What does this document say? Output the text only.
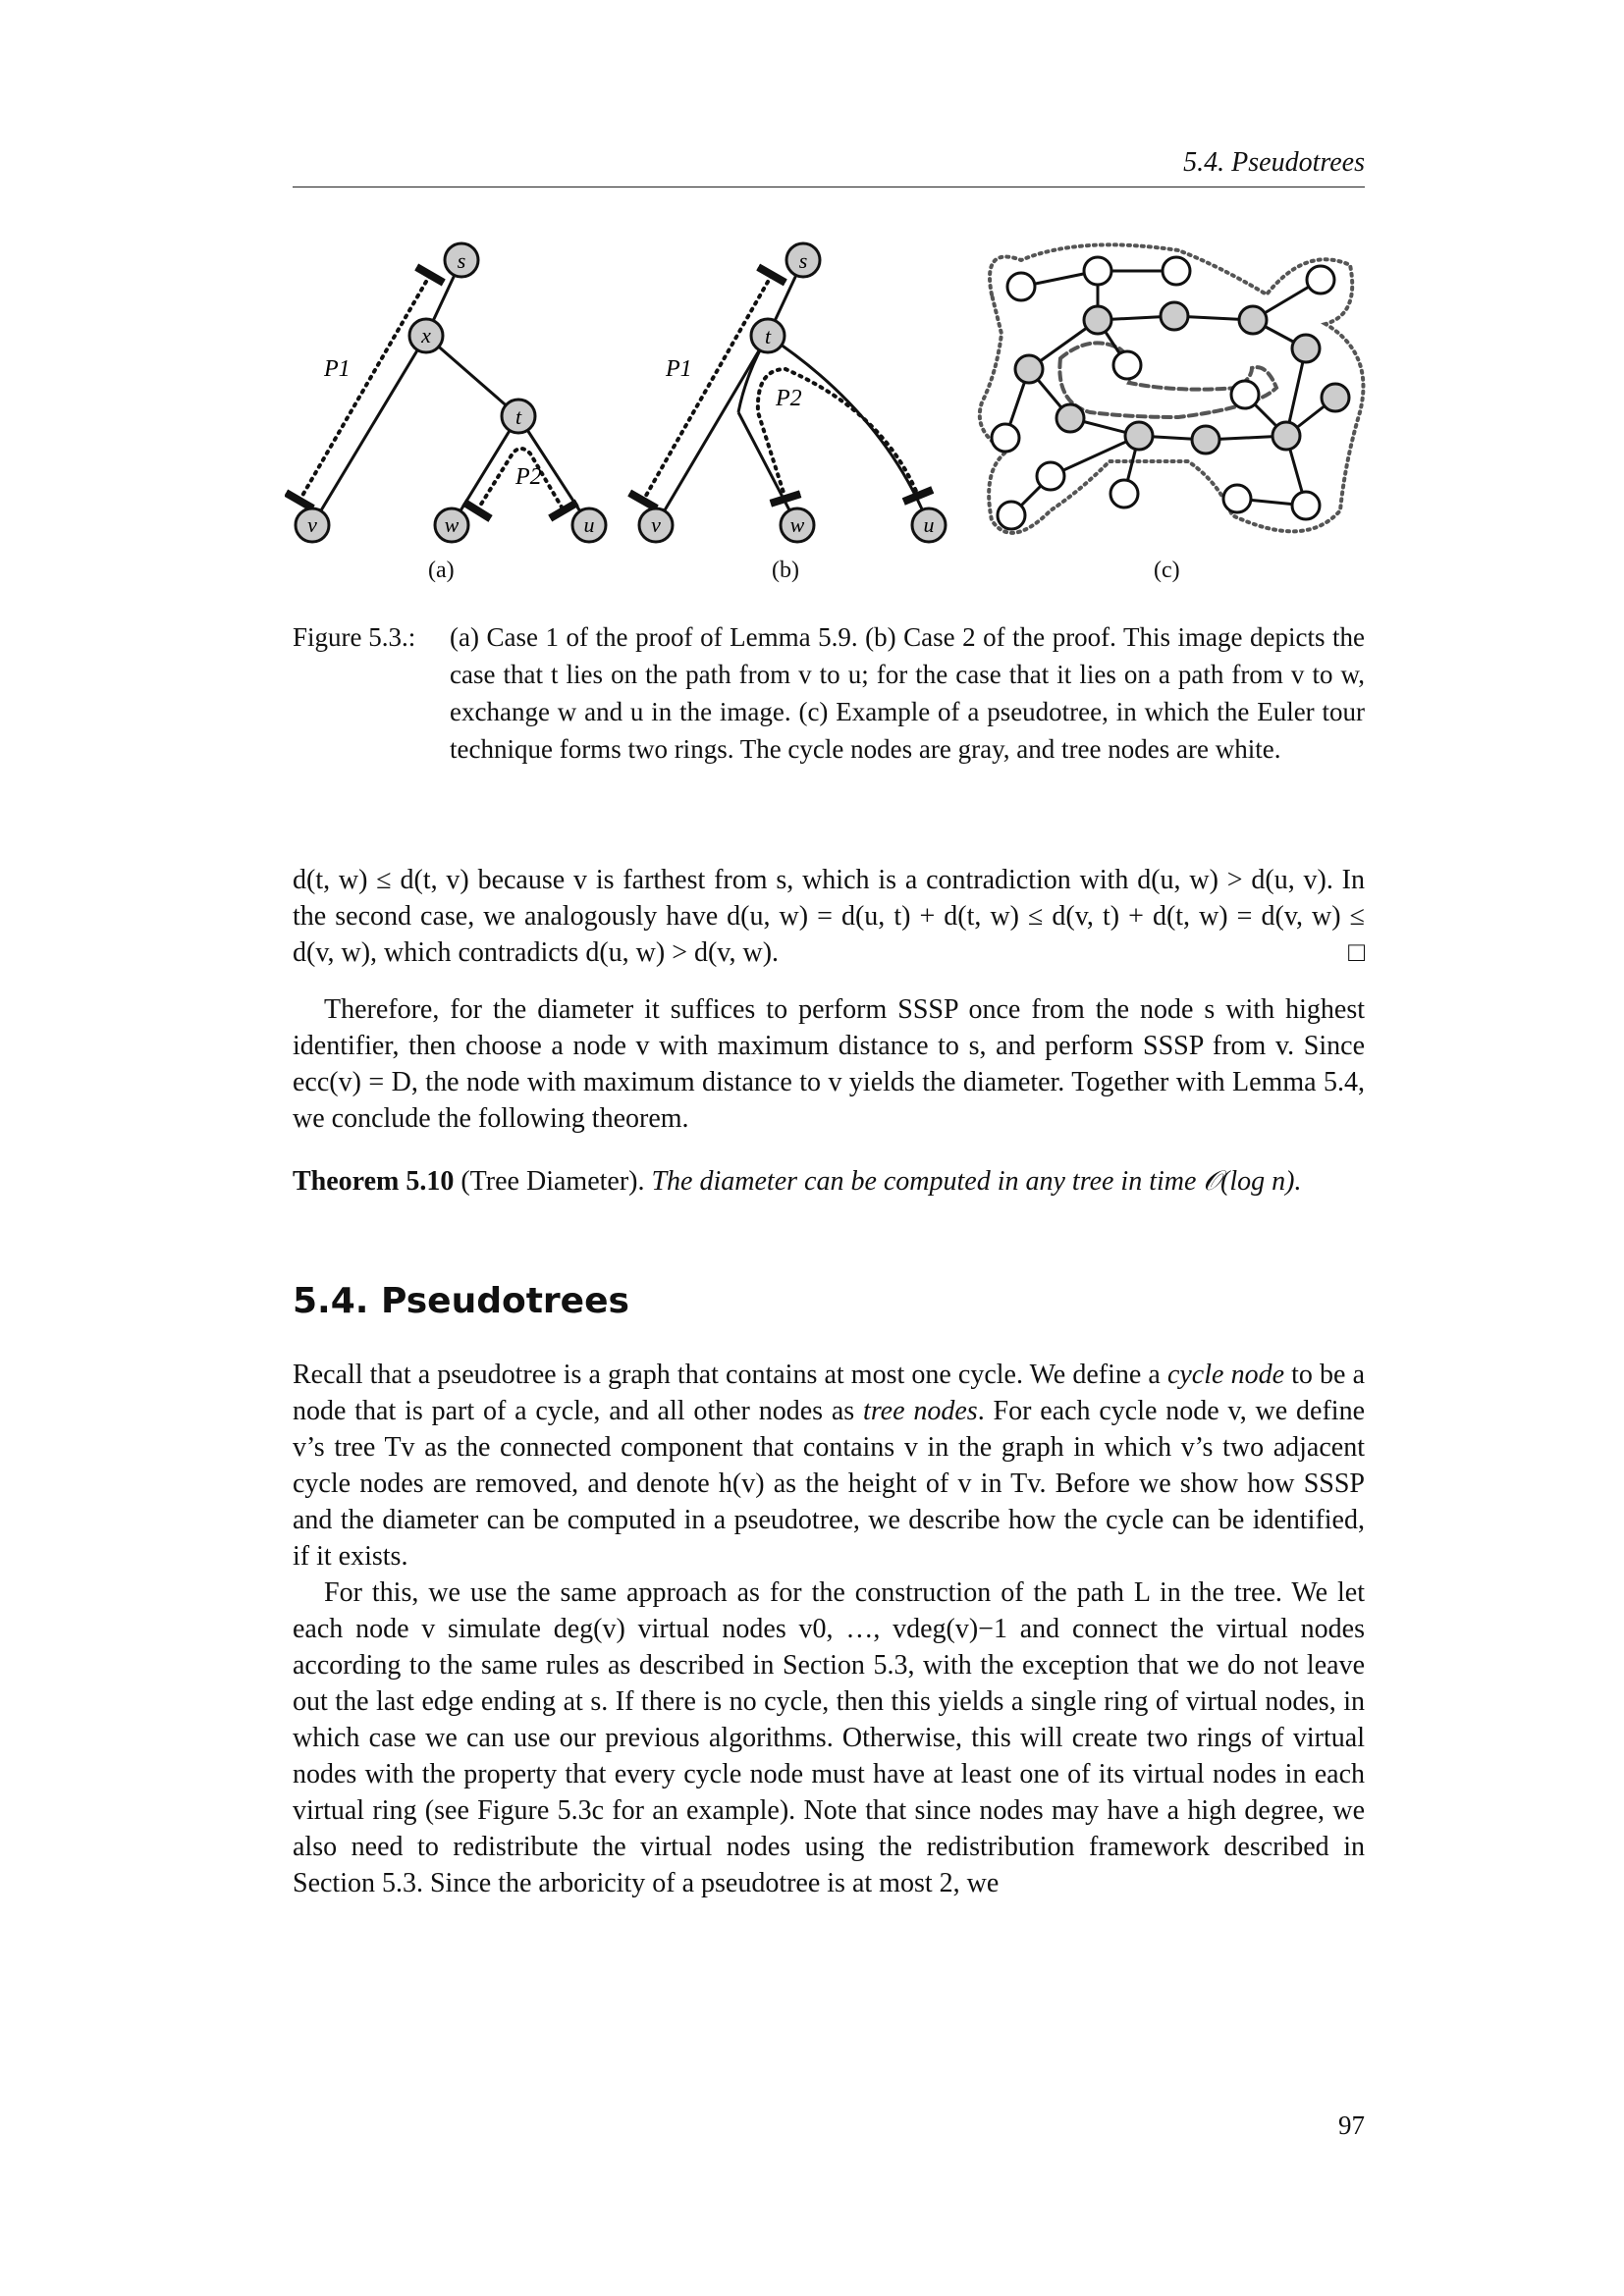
5.4. Pseudotrees
s
x
t
v	w	u
P1
P2
s
t
v	w	u
P1
P2
(a)	(b)	(c)
Figure 5.3.: (a) Case 1 of the proof of Lemma 5.9. (b) Case 2 of the proof. This image depicts the case that t lies on the path from v to u; for the case that it lies on a path from v to w, exchange w and u in the image. (c) Example of a pseudotree, in which the Euler tour technique forms two rings. The cycle nodes are gray, and tree nodes are white.

d(t, w) ≤ d(t, v) because v is farthest from s, which is a contradiction with d(u, w) > d(u, v). In the second case, we analogously have d(u, w) = d(u, t) + d(t, w) ≤ d(v, t) + d(t, w) = d(v, w) ≤ d(v, w), which contradicts d(u, w) > d(v, w).	□

Therefore, for the diameter it suffices to perform SSSP once from the node s with highest identifier, then choose a node v with maximum distance to s, and perform SSSP from v. Since ecc(v) = D, the node with maximum distance to v yields the diameter. Together with Lemma 5.4, we conclude the following theorem.

Theorem 5.10 (Tree Diameter). The diameter can be computed in any tree in time 𝒪(log n).

5.4. Pseudotrees

Recall that a pseudotree is a graph that contains at most one cycle. We define a cycle node to be a node that is part of a cycle, and all other nodes as tree nodes. For each cycle node v, we define v’s tree Tv as the connected component that contains v in the graph in which v’s two adjacent cycle nodes are removed, and denote h(v) as the height of v in Tv. Before we show how SSSP and the diameter can be computed in a pseudotree, we describe how the cycle can be identified, if it exists.

For this, we use the same approach as for the construction of the path L in the tree. We let each node v simulate deg(v) virtual nodes v0, …, vdeg(v)−1 and connect the virtual nodes according to the same rules as described in Section 5.3, with the exception that we do not leave out the last edge ending at s. If there is no cycle, then this yields a single ring of virtual nodes, in which case we can use our previous algorithms. Otherwise, this will create two rings of virtual nodes with the property that every cycle node must have at least one of its virtual nodes in each virtual ring (see Figure 5.3c for an example). Note that since nodes may have a high degree, we also need to redistribute the virtual nodes using the redistribution framework described in Section 5.3. Since the arboricity of a pseudotree is at most 2, we

97
